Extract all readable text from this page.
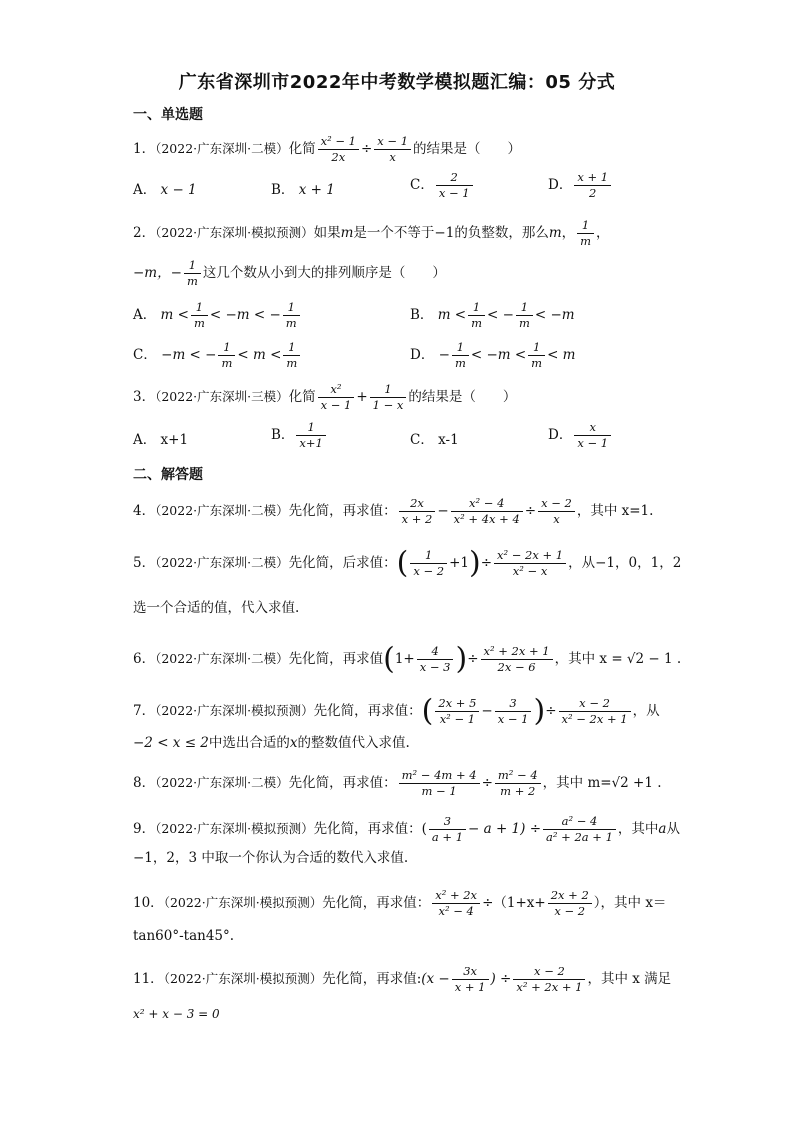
广东省深圳市2022年中考数学模拟题汇编：05 分式
一、单选题
1．（2022·广东深圳·二模）化简 $\frac{\text{x² − 1}}{2x} \div \frac{x - 1}{x}$ 的结果是（　　）
A． x − 1	B． x + 1	C． $\frac{2}{x - 1}$	D． $\frac{x + 1}{2}$
2．（2022·广东深圳·模拟预测）如果m是一个不等于−1的负整数，那么m， $\frac{1}{m}$ ，
−m，− $\frac{1}{m}$ 这几个数从小到大的排列顺序是（　　）
A． $m < \frac{1}{m} < -m$ < − $\frac{1}{m}$	B． $m < \frac{1}{m}$ < − $\frac{1}{m} < -m$
C． −m < − $\frac{1}{m} < m < \frac{1}{m}$	D． − $\frac{1}{m} < -m < \frac{1}{m} < m$
3．（2022·广东深圳·三模）化简 $\frac{\text{x²}}{x - 1} + \frac{1}{1 - x}$ 的结果是（　　）
A． x+1	B． $\frac{1}{x+1}$	C． x-1	D． $\frac{x}{x - 1}$
二、解答题
4．（2022·广东深圳·二模）先化简，再求值： $\frac{2x}{x + 2} - \frac{\text{x² − 4}}{\text{x² + 4x + 4}} \div \frac{x - 2}{x}$ ，其中 x=1.
5．（2022·广东深圳·二模）先化简，后求值：( $\frac{1}{x - 2} +1)\div \frac{\text{x² − 2x + 1}}{\text{x² − x}}$ ，从−1，0，1，2
选一个合适的值，代入求值.
6．（2022·广东深圳·二模）先化简，再求值($1+ \frac{4}{x - 3}$ )÷ $\frac{\text{x² + 2x + 1}}{2x - 6}$ ，其中 x = √2 − 1 .
7．（2022·广东深圳·模拟预测）先化简，再求值：( $\frac{2x + 5}{\text{x² − 1}} - \frac{3}{x - 1}$ )÷ $\frac{x - 2}{\text{x² − 2x + 1}}$ ，从
−2 < x ≤ 2中选出合适的x的整数值代入求值.
8．（2022·广东深圳·二模）先化简，再求值： $\frac{\text{m² − 4m + 4}}{m - 1} \div \frac{\text{m² − 4}}{m + 2}$ ，其中 m=√2 +1 .
9．（2022·广东深圳·模拟预测）先化简，再求值：( $\frac{3}{a + 1} - a + 1) \div \frac{\text{a² − 4}}{\text{a² + 2a + 1}}$ ，其中a从
−1，2，3 中取一个你认为合适的数代入求值.
10．（2022·广东深圳·模拟预测）先化简，再求值： $\frac{\text{x² + 2x}}{\text{x² − 4}} \div(1+x+ \frac{2x + 2}{x - 2}$ ），其中 x＝
tan60°-tan45°.
11．（2022·广东深圳·模拟预测）先化简，再求值:(x − $\frac{3x}{x + 1}$ ) ÷ $\frac{x - 2}{\text{x² + 2x + 1}}$ ，其中 x 满足
x² + x − 3 = 0
